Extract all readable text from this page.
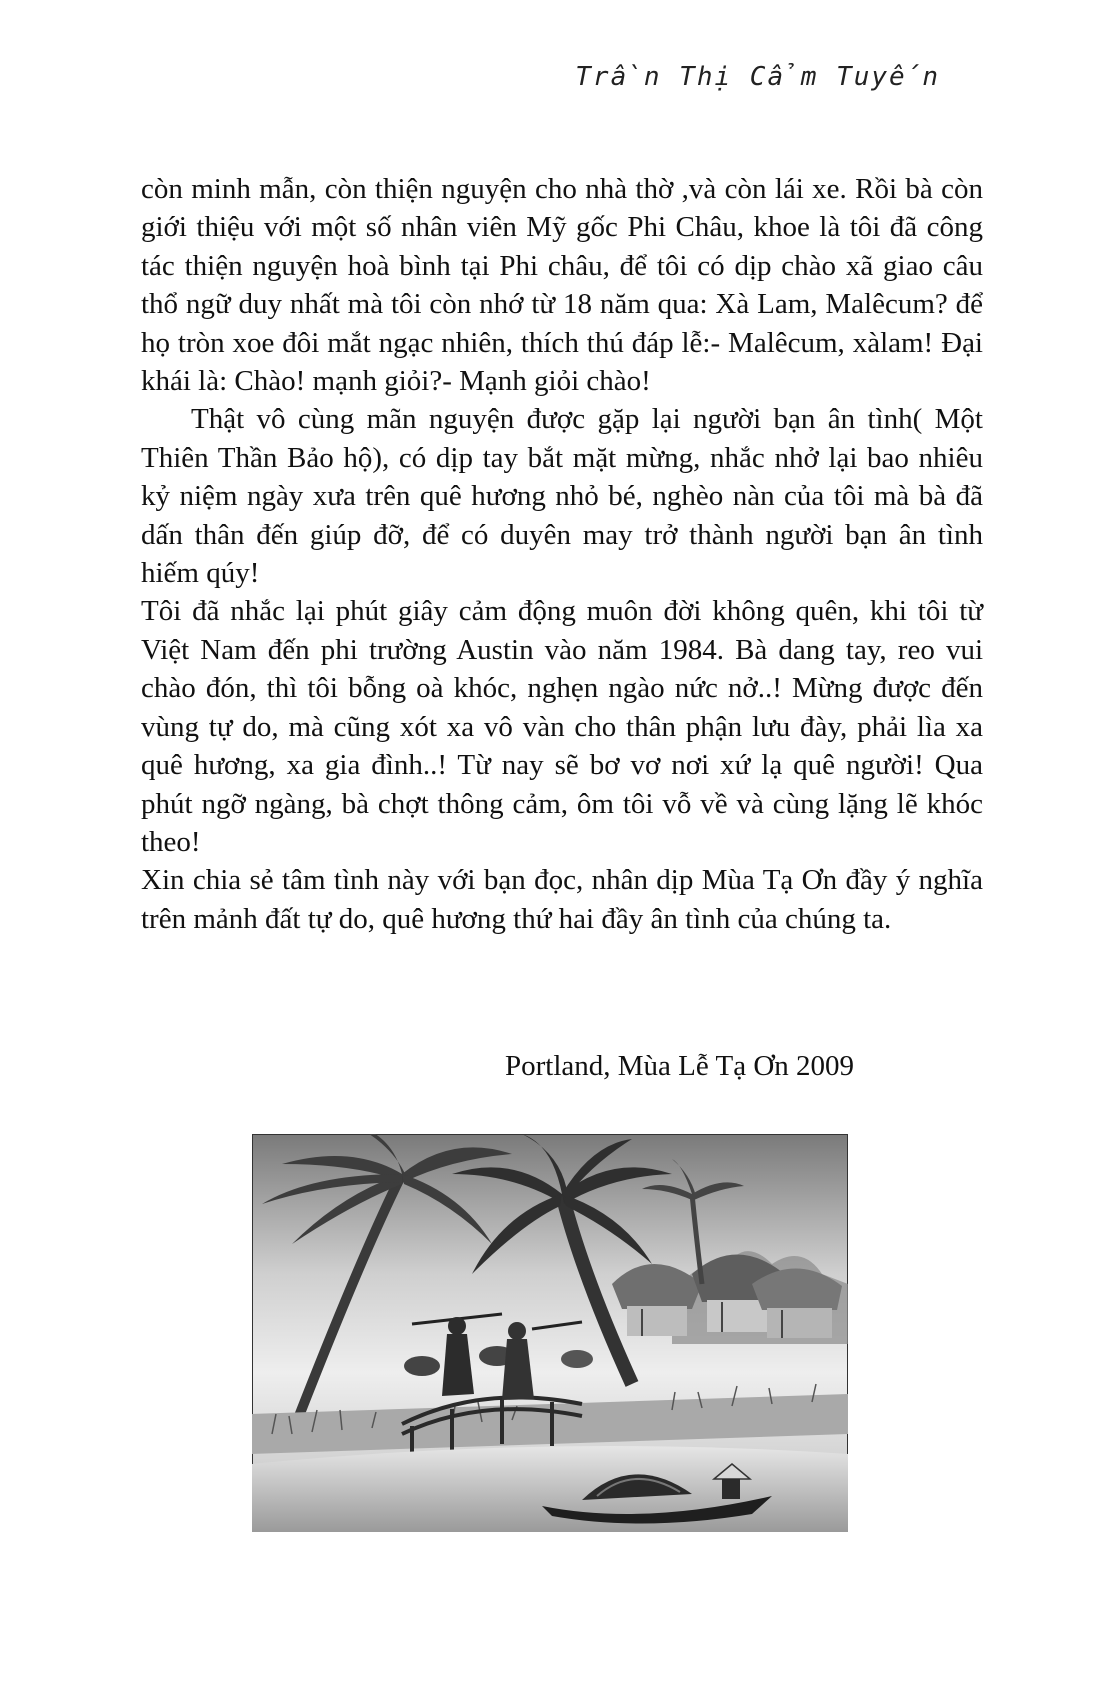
Trần Thị Cẩm Tuyến

còn minh mẫn, còn thiện nguyện cho nhà thờ ,và còn lái xe. Rồi bà còn giới thiệu với một số nhân viên Mỹ gốc Phi Châu, khoe là tôi đã công tác thiện nguyện hoà bình tại Phi châu, để tôi có dịp chào xã giao câu thổ ngữ duy nhất mà tôi còn nhớ từ 18 năm qua: Xà Lam, Malêcum? để họ tròn xoe đôi mắt ngạc nhiên, thích thú đáp lễ:- Malêcum, xàlam! Đại khái là: Chào! mạnh giỏi?- Mạnh giỏi chào!

Thật vô cùng mãn nguyện được gặp lại người bạn ân tình( Một Thiên Thần Bảo hộ), có dịp tay bắt mặt mừng, nhắc nhở lại bao nhiêu kỷ niệm ngày xưa trên quê hương nhỏ bé, nghèo nàn của tôi mà bà đã dấn thân đến giúp đỡ, để có duyên may trở thành người bạn ân tình hiếm qúy!

Tôi đã nhắc lại phút giây cảm động muôn đời không quên, khi tôi từ Việt Nam đến phi trường Austin vào năm 1984. Bà dang tay, reo vui chào đón, thì tôi bỗng oà khóc, nghẹn ngào nức nở..! Mừng được đến vùng tự do, mà cũng xót xa vô vàn cho thân phận lưu đày, phải lìa xa quê hương, xa gia đình..! Từ nay sẽ bơ vơ nơi xứ lạ quê người! Qua phút ngỡ ngàng, bà chợt thông cảm, ôm tôi vỗ về và cùng lặng lẽ khóc theo!

Xin chia sẻ tâm tình này với bạn đọc, nhân dịp Mùa Tạ Ơn đầy ý nghĩa trên mảnh đất tự do, quê hương thứ hai đầy ân tình của chúng ta.

Portland, Mùa Lễ Tạ Ơn 2009
